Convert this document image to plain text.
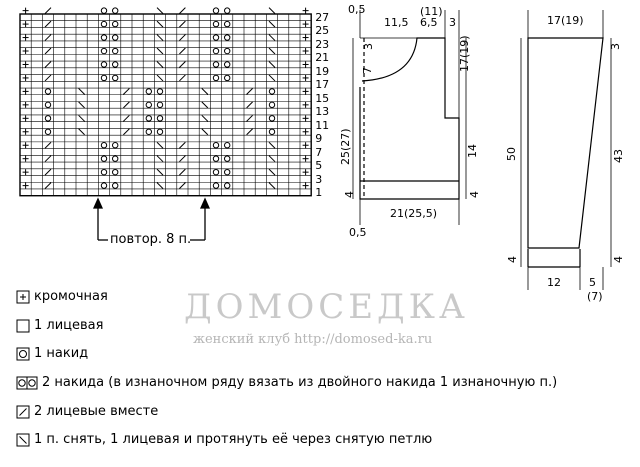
повтор. 8 п.
27
25
23
21
19
17
15
13
11
9
7
5
3
1
0,5
11,5
(11)
6,5 3
3
7	17(19)
25(27)	14
4	4
0,5
21(25,5)
17(19)
3
50	43
4	4
12	5
(7)
ДОМОСЕДКА
женский клуб http://domosed-ka.ru
кромочная
1 лицевая
1 накид
2 накида (в изнаночном ряду вязать из двойного накида 1 изнаночную п.)
2 лицевые вместе
1 п. снять, 1 лицевая и протянуть её через снятую петлю
